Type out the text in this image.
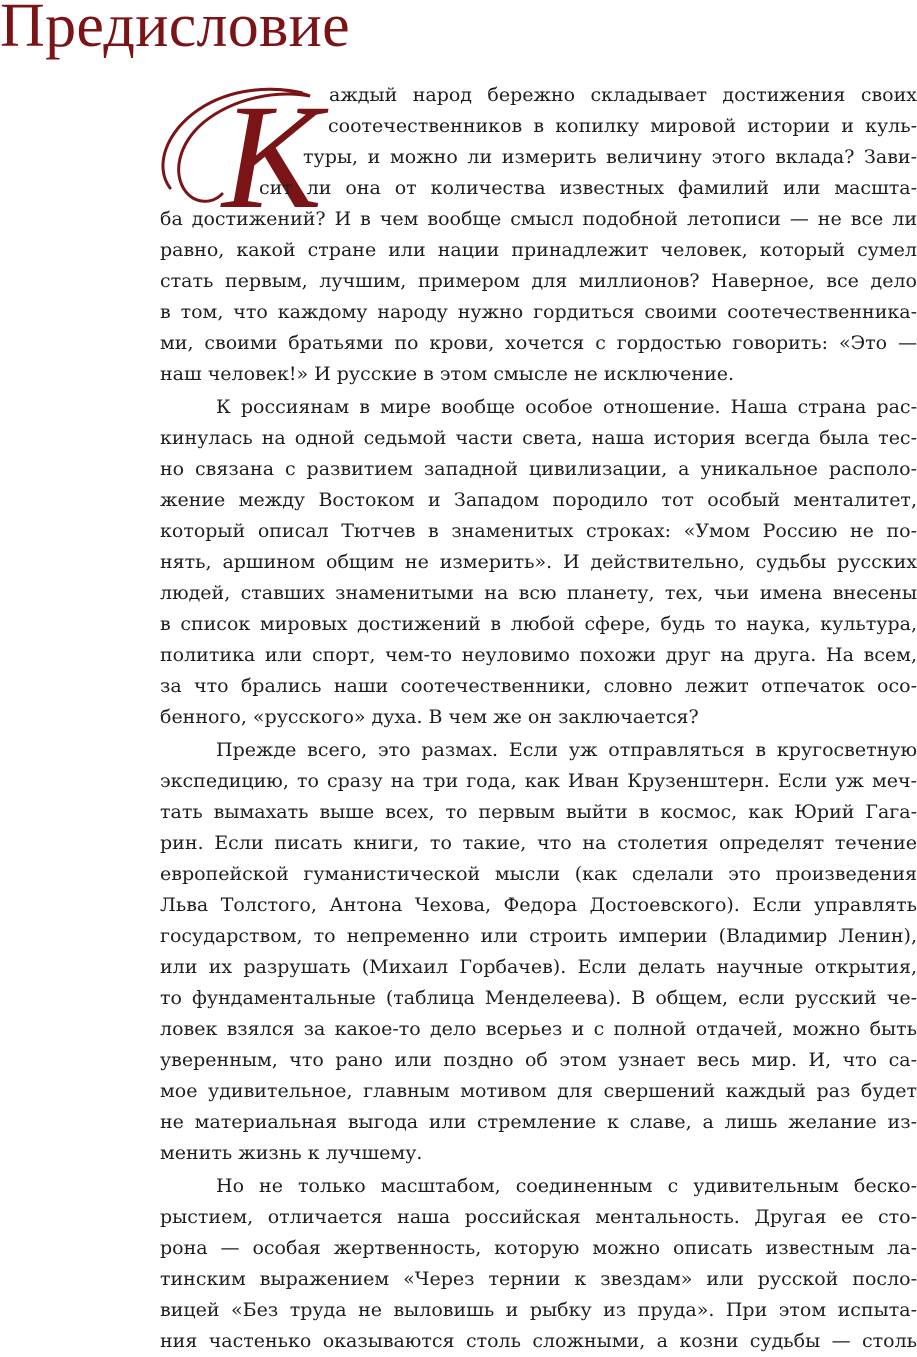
Предисловие
К аждый народ бережно складывает достижения своих
соотечественников в копилку мировой истории и куль-
туры, и можно ли измерить величину этого вклада? Зави-
сит ли она от количества известных фамилий или масшта-
ба достижений? И в чем вообще смысл подобной летописи — не все ли
равно, какой стране или нации принадлежит человек, который сумел
стать первым, лучшим, примером для миллионов? Наверное, все дело
в том, что каждому народу нужно гордиться своими соотечественника-
ми, своими братьями по крови, хочется с гордостью говорить: «Это —
наш человек!» И русские в этом смысле не исключение.
К россиянам в мире вообще особое отношение. Наша страна рас-
кинулась на одной седьмой части света, наша история всегда была тес-
но связана с развитием западной цивилизации, а уникальное располо-
жение между Востоком и Западом породило тот особый менталитет,
который описал Тютчев в знаменитых строках: «Умом Россию не по-
нять, аршином общим не измерить». И действительно, судьбы русских
людей, ставших знаменитыми на всю планету, тех, чьи имена внесены
в список мировых достижений в любой сфере, будь то наука, культура,
политика или спорт, чем-то неуловимо похожи друг на друга. На всем,
за что брались наши соотечественники, словно лежит отпечаток осо-
бенного, «русского» духа. В чем же он заключается?
Прежде всего, это размах. Если уж отправляться в кругосветную
экспедицию, то сразу на три года, как Иван Крузенштерн. Если уж меч-
тать вымахать выше всех, то первым выйти в космос, как Юрий Гага-
рин. Если писать книги, то такие, что на столетия определят течение
европейской гуманистической мысли (как сделали это произведения
Льва Толстого, Антона Чехова, Федора Достоевского). Если управлять
государством, то непременно или строить империи (Владимир Ленин),
или их разрушать (Михаил Горбачев). Если делать научные открытия,
то фундаментальные (таблица Менделеева). В общем, если русский че-
ловек взялся за какое-то дело всерьез и с полной отдачей, можно быть
уверенным, что рано или поздно об этом узнает весь мир. И, что са-
мое удивительное, главным мотивом для свершений каждый раз будет
не материальная выгода или стремление к славе, а лишь желание из-
менить жизнь к лучшему.
Но не только масштабом, соединенным с удивительным беско-
рыстием, отличается наша российская ментальность. Другая ее сто-
рона — особая жертвенность, которую можно описать известным ла-
тинским выражением «Через тернии к звездам» или русской посло-
вицей «Без труда не выловишь и рыбку из пруда». При этом испыта-
ния частенько оказываются столь сложными, а козни судьбы — столь
